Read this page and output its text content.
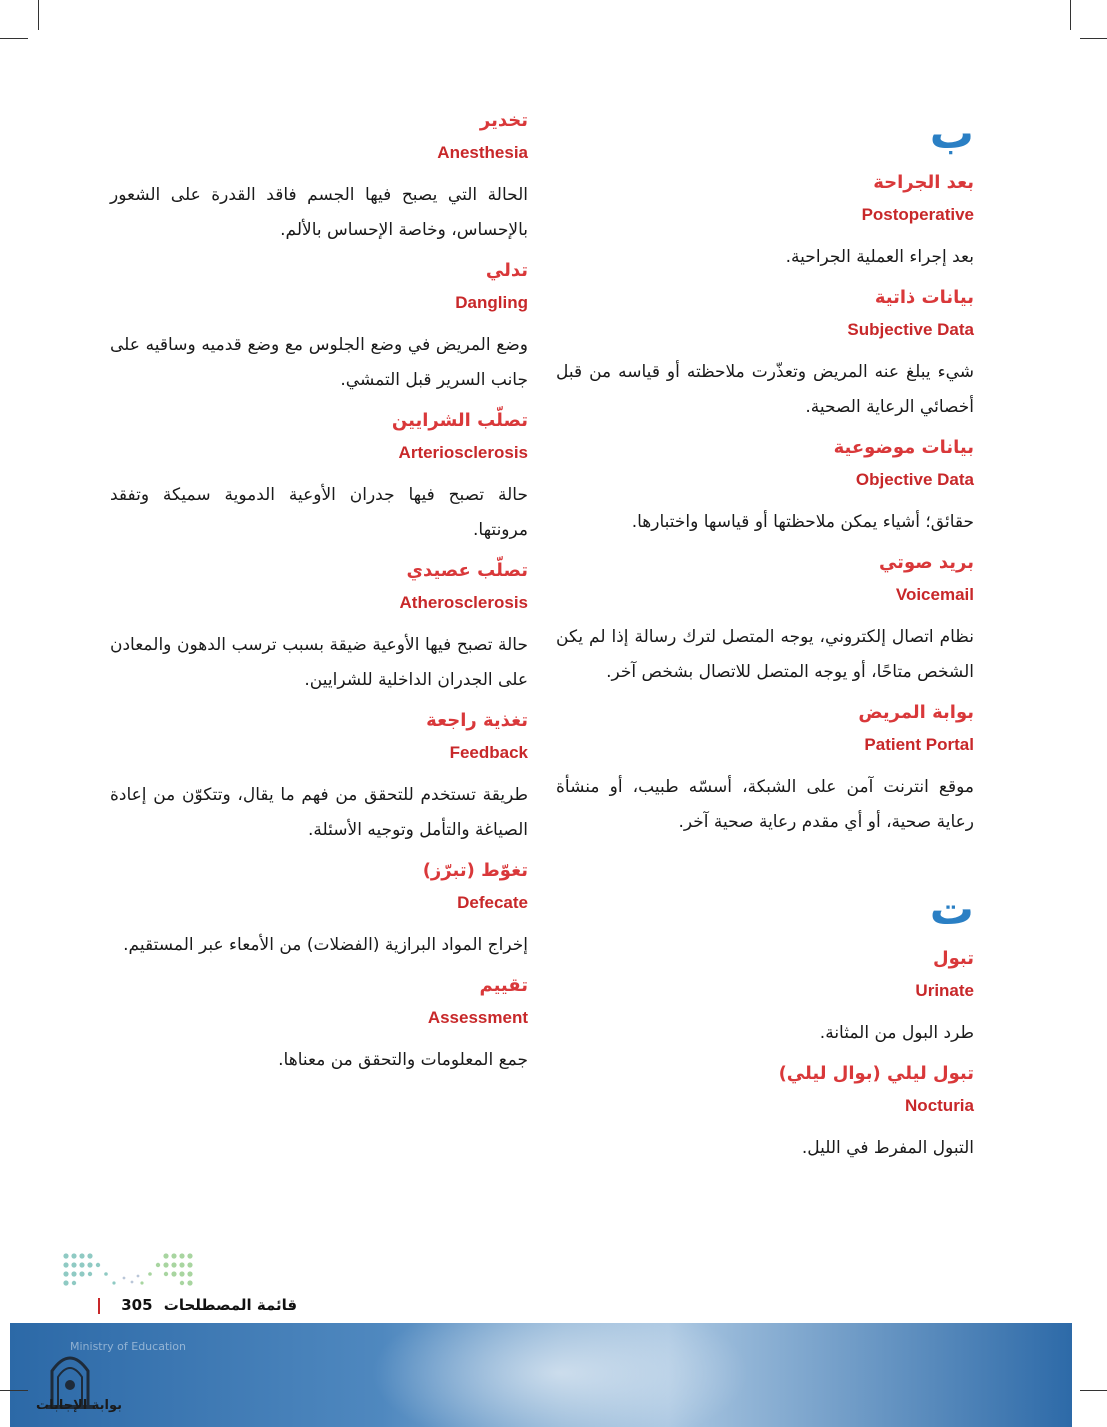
ب
بعد الجراحة
Postoperative
بعد إجراء العملية الجراحية.
بيانات ذاتية
Subjective Data
شيء يبلغ عنه المريض وتعذّرت ملاحظته أو قياسه من قبل أخصائي الرعاية الصحية.
بيانات موضوعية
Objective Data
حقائق؛ أشياء يمكن ملاحظتها أو قياسها واختبارها.
بريد صوتي
Voicemail
نظام اتصال إلكتروني، يوجه المتصل لترك رسالة إذا لم يكن الشخص متاحًا، أو يوجه المتصل للاتصال بشخص آخر.
بوابة المريض
Patient Portal
موقع انترنت آمن على الشبكة، أسسّه طبيب، أو منشأة رعاية صحية، أو أي مقدم رعاية صحية آخر.
ت
تبول
Urinate
طرد البول من المثانة.
تبول ليلي (بوال ليلي)
Nocturia
التبول المفرط في الليل.
تخدير
Anesthesia
الحالة التي يصبح فيها الجسم فاقد القدرة على الشعور بالإحساس، وخاصة الإحساس بالألم.
تدلي
Dangling
وضع المريض في وضع الجلوس مع وضع قدميه وساقيه على جانب السرير قبل التمشي.
تصلّب الشرايين
Arteriosclerosis
حالة تصبح فيها جدران الأوعية الدموية سميكة وتفقد مرونتها.
تصلّب عصيدي
Atherosclerosis
حالة تصبح فيها الأوعية ضيقة بسبب ترسب الدهون والمعادن على الجدران الداخلية للشرايين.
تغذية راجعة
Feedback
طريقة تستخدم للتحقق من فهم ما يقال، وتتكوّن من إعادة الصياغة والتأمل وتوجيه الأسئلة.
تغوّط (تبرّز)
Defecate
إخراج المواد البرازية (الفضلات) من الأمعاء عبر المستقيم.
تقييم
Assessment
جمع المعلومات والتحقق من معناها.
قائمة المصطلحات 305
Ministry of Education
بوابة الإجابات
